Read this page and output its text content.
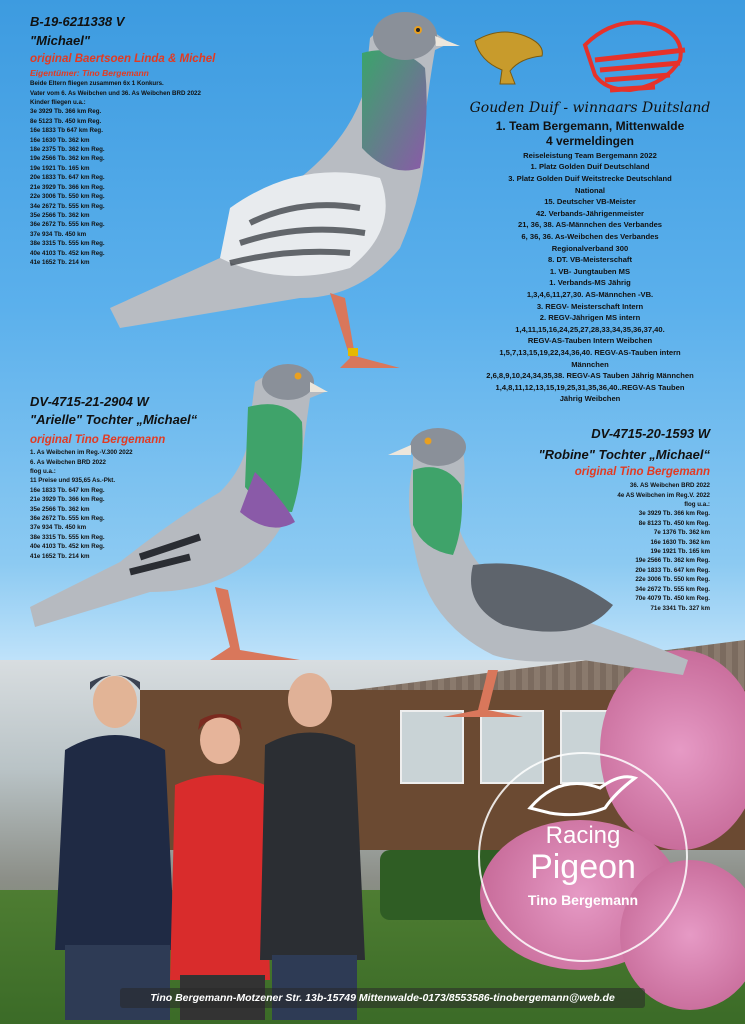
B-19-6211338 V
"Michael"
original Baertsoen Linda & Michel
Eigentümer: Tino Bergemann
Beide Eltern fliegen zusammen 6x 1 Konkurs.
Vater vom 6. As Weibchen und 36. As Weibchen BRD 2022
Kinder fliegen u.a.:
3e 3929 Tb. 366 km Reg.
8e 5123 Tb. 450 km Reg.
16e 1833 Tb 647 km Reg.
16e 1630 Tb. 362 km
18e 2375 Tb. 362 km Reg.
19e 2566 Tb. 362 km Reg.
19e 1921 Tb. 165 km
20e 1833 Tb. 647 km Reg.
21e 3929 Tb. 366 km Reg.
22e 3006 Tb. 550 km Reg.
34e 2672 Tb. 555 km Reg.
35e 2566 Tb. 362 km
36e 2672 Tb. 555 km Reg.
37e 934 Tb. 450 km
38e 3315 Tb. 555 km Reg.
40e 4103 Tb. 452 km Reg.
41e 1652 Tb. 214 km
Gouden Duif - winnaars Duitsland
1. Team Bergemann, Mittenwalde
4 vermeldingen
Reiseleistung Team Bergemann 2022
1. Platz Golden Duif Deutschland
3. Platz Golden Duif Weitstrecke Deutschland
National
15. Deutscher VB-Meister
42. Verbands-Jährigenmeister
21, 36, 38. AS-Männchen des Verbandes
6, 36, 36. As-Weibchen des Verbandes
Regionalverband 300
8. DT. VB-Meisterschaft
1. VB- Jungtauben MS
1. Verbands-MS Jährig
1,3,4,6,11,27,30. AS-Männchen -VB.
3. REGV- Meisterschaft Intern
2. REGV-Jährigen MS intern
1,4,11,15,16,24,25,27,28,33,34,35,36,37,40.
REGV-AS-Tauben Intern Weibchen
1,5,7,13,15,19,22,34,36,40. REGV-AS-Tauben intern
Männchen
2,6,8,9,10,24,34,35,38. REGV-AS Tauben Jährig Männchen
1,4,8,11,12,13,15,19,25,31,35,36,40..REGV-AS Tauben
Jährig Weibchen
DV-4715-21-2904 W
"Arielle" Tochter „Michael“
original Tino Bergemann
1. As Weibchen im Reg.-V.300 2022
6. As Weibchen BRD 2022
flog u.a.:
11 Preise und 935,65 As.-Pkt.
16e 1833 Tb. 647 km Reg.
21e 3929 Tb. 366 km Reg.
35e 2566 Tb. 362 km
36e 2672 Tb. 555 km Reg.
37e 934 Tb. 450 km
38e 3315 Tb. 555 km Reg.
40e 4103 Tb. 452 km Reg.
41e 1652 Tb. 214 km
DV-4715-20-1593 W
"Robine" Tochter „Michael“
original Tino Bergemann
36. AS Weibchen BRD 2022
4e AS Weibchen im Reg.V. 2022
flog u.a.:
3e 3929 Tb. 366 km Reg.
8e 8123 Tb. 450 km Reg.
7e 1376 Tb. 362 km
16e 1630 Tb. 362 km
19e 1921 Tb. 165 km
19e 2566 Tb. 362 km Reg.
20e 1833 Tb. 647 km Reg.
22e 3006 Tb. 550 km Reg.
34e 2672 Tb. 555 km Reg.
70e 4079 Tb. 450 km Reg.
71e 3341 Tb. 327 km
Racing
Pigeon
Tino Bergemann
Tino Bergemann-Motzener Str. 13b-15749 Mittenwalde-0173/8553586-tinobergemann@web.de
